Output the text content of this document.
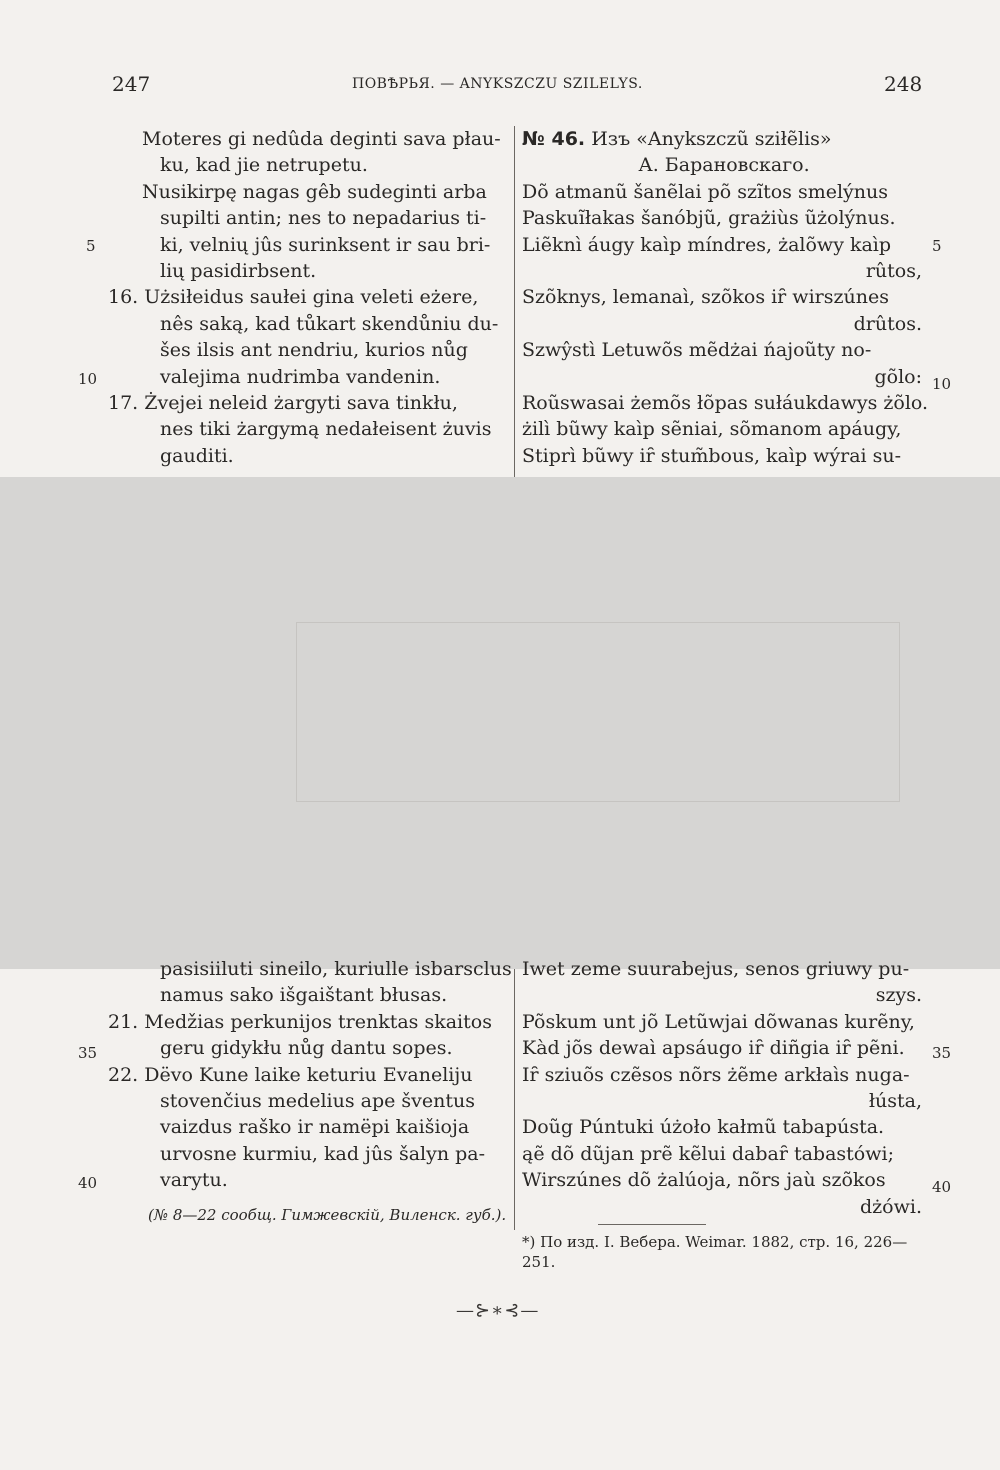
247	ПОВѢРЬЯ. — ANYKSZCZU SZILELYS.	248
Moteres gi nedûda deginti sava płau-
ku, kad jie netrupetu.
Nusikirpę nagas gêb sudeginti arba
supilti antin; nes to nepadarius ti-
ki, velnių jûs surinksent ir sau bri-
lių pasidirbsent.
16. Użsiłeidus saułei gina veleti eżere,
nês saką, kad tůkart skendůniu du-
šes ilsis ant nendriu, kurios nůg
valejima nudrimba vandenin.
17. Żvejei neleid żargyti sava tinkłu,
nes tiki żargymą nedałeisent żuvis
gauditi.
№ 46. Изъ «Anykszczũ sziłẽlis»
А. Барановскаго.
Dõ atmanũ šanẽlai põ szĩtos smelýnus
Paskuĩłakas šanóbjũ, grażiùs ũżolýnus.
Liẽknì áugy kaìp míndres, żalõwy kaìp
rûtos,
Szõknys, lemanaì, szõkos iȓ wirszúnes
drûtos.
Szwŷstì Letuwõs mẽdżai ńajoũty no-
gõlo:
Roũswasai żemõs łõpas sułáukdawys żõlo.
żilì bũwy kaìp sẽniai, sõmanom apáugy,
Stiprì bũwy iȓ stum̃bous, kaìp wýrai su-
pasisiiluti sineilo, kuriulle isbarsclus
namus sako išgaištant błusas.
21. Medžias perkunijos trenktas skaitos
geru gidykłu nůg dantu sopes.
22. Dëvo Kune laike keturiu Evaneliju
stovenčius medelius ape šventus
vaizdus raško ir namëpi kaišioja
urvosne kurmiu, kad jûs šalyn pa-
varytu.
(№ 8—22 сообщ. Гимжевскій, Виленск. губ.).
Iwet zeme suurabejus, senos griuwy pu-
szys.
Põskum unt jõ Letũwjai dõwanas kurẽny,
Kàd jõs dewaì apsáugo iȓ diñgia iȓ pẽni.
Iȓ sziuõs czẽsos nõrs żẽme arkłaìs nuga-
łústa,
Doũg Púntuki úżoło kałmũ tabapústa.
ąẽ dõ dũjan prẽ kẽlui dabaȓ tabastówi;
Wirszúnes dõ żalúoja, nõrs jaù szõkos
dżówi.
*) По изд. I. Вебера. Weimar. 1882, стр. 16, 226—251.
—⊱∗⊰—
5	5
10	10
35	35
40	40
